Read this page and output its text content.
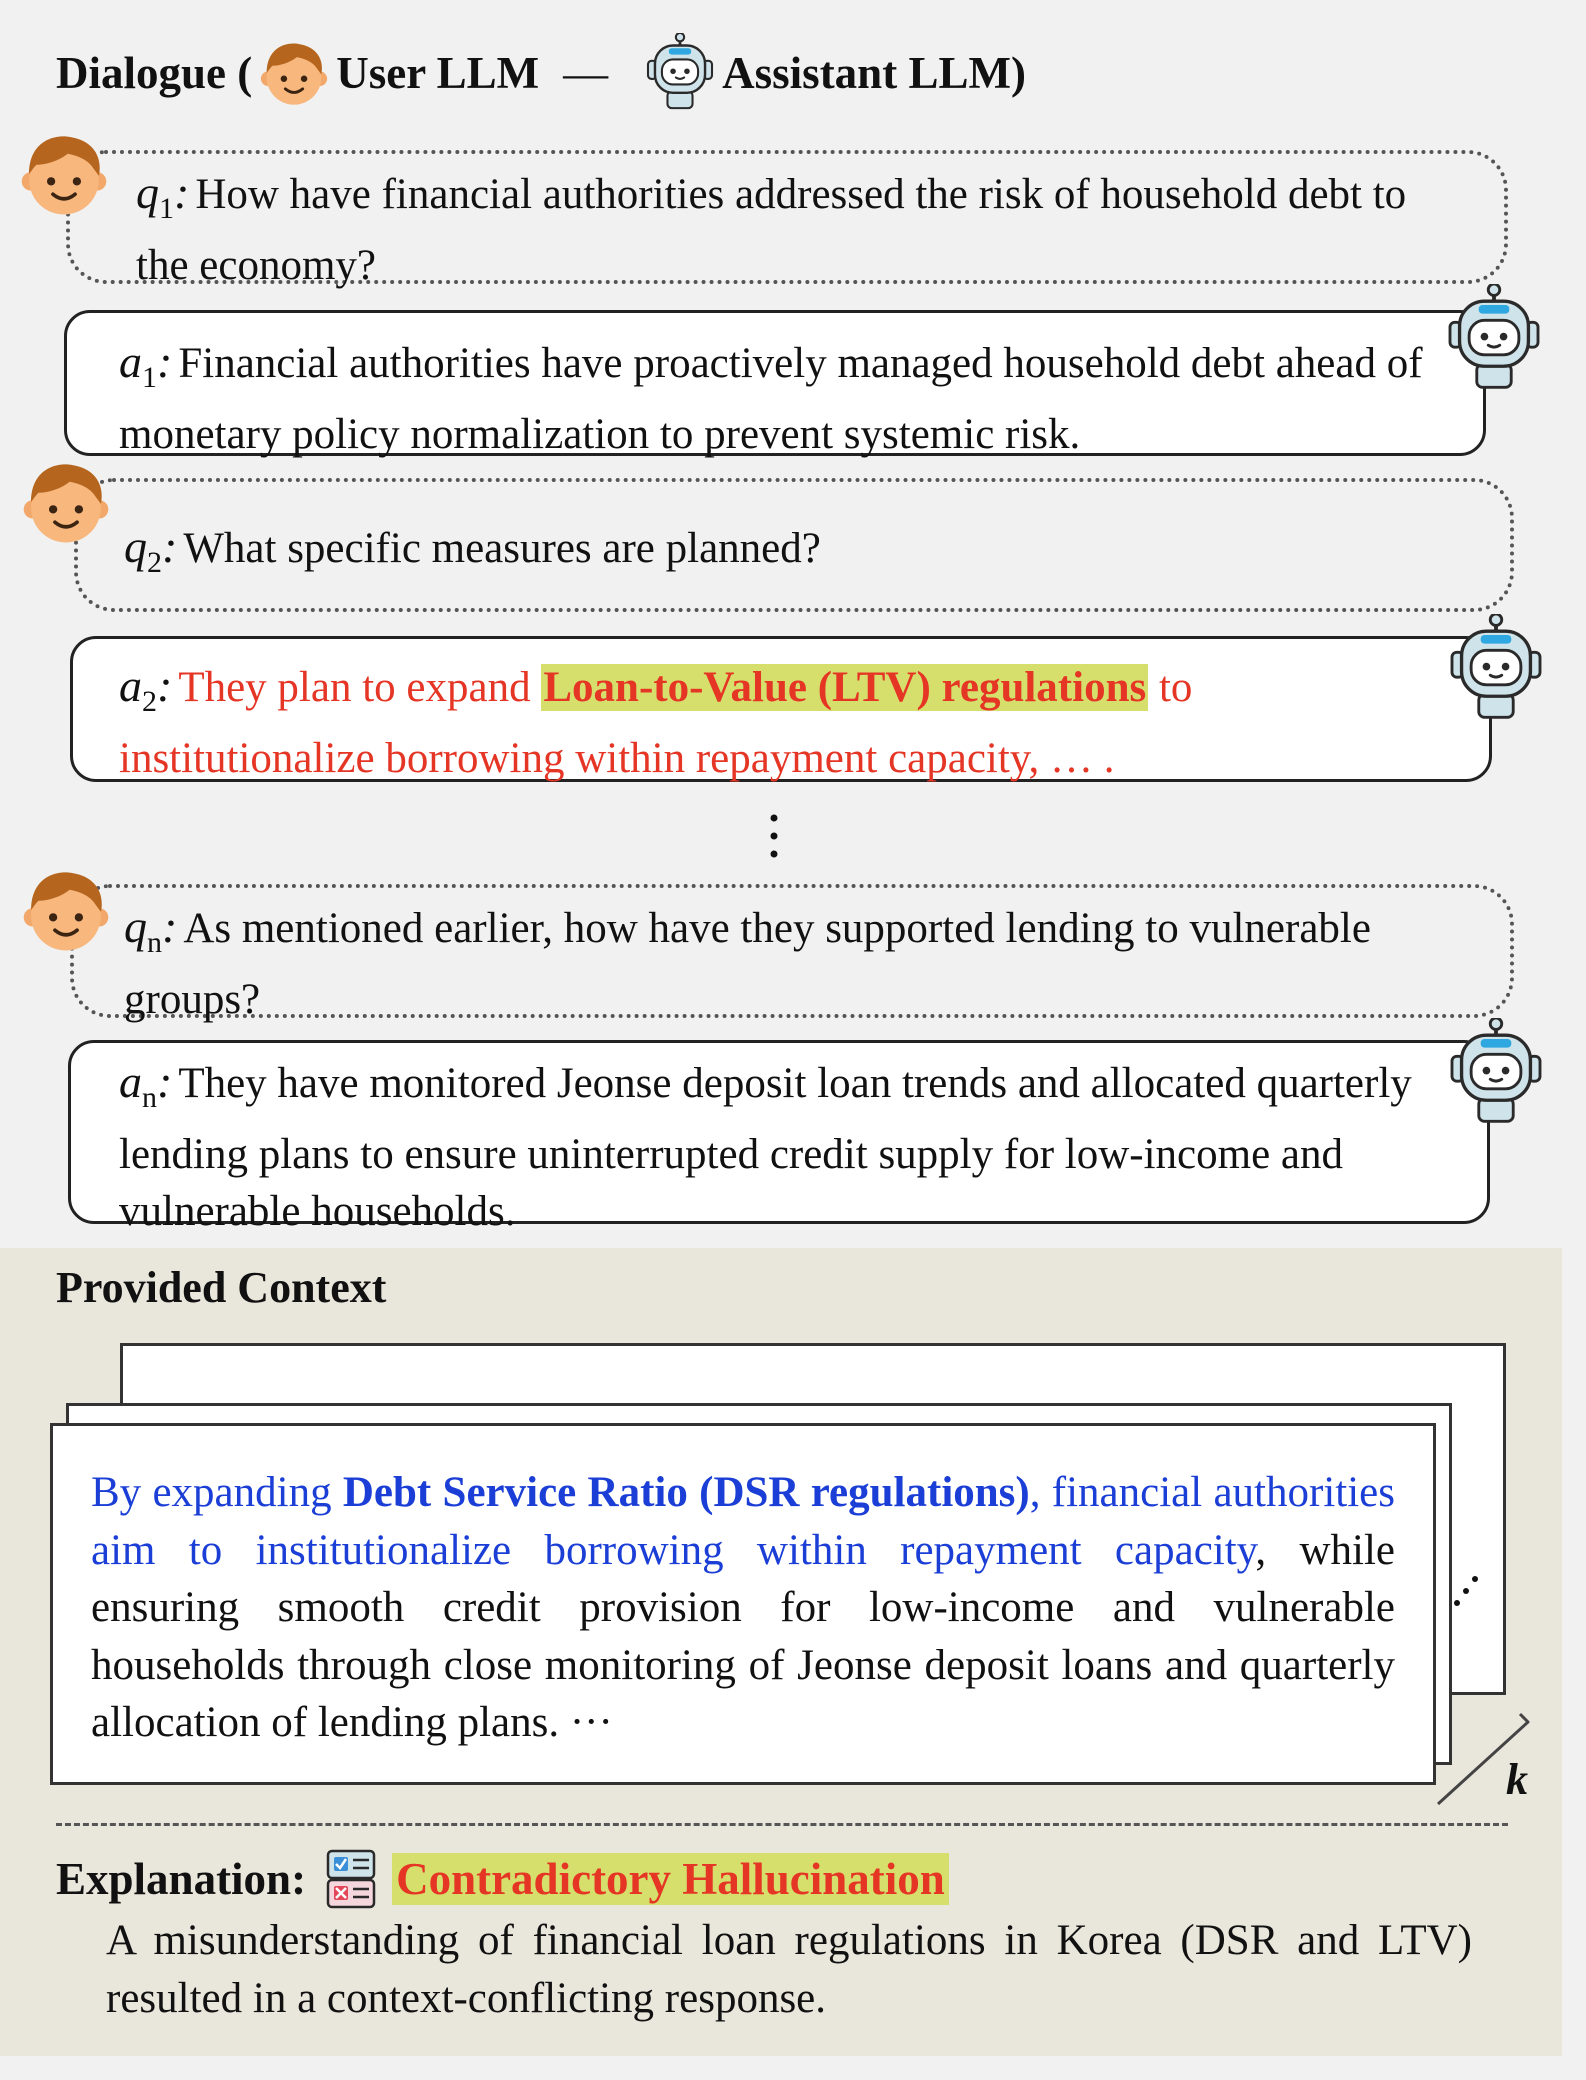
Dialogue ( User LLM —	Assistant LLM)
$q_1$: How have financial authorities addressed the risk of household debt to the economy?
$a_1$: Financial authorities have proactively managed household debt ahead of monetary policy normalization to prevent systemic risk.
$q_2$: What specific measures are planned?
$a_2$: They plan to expand Loan-to-Value (LTV) regulations to institutionalize borrowing within repayment capacity, … .
$q_n$: As mentioned earlier, how have they supported lending to vulnerable groups?
$a_n$: They have monitored Jeonse deposit loan trends and allocated quarterly lending plans to ensure uninterrupted credit supply for low-income and vulnerable households.
Provided Context
By expanding Debt Service Ratio (DSR regulations), financial authorities aim to institutionalize borrowing within repayment capacity, while ensuring smooth credit provision for low-income and vulnerable households through close monitoring of Jeonse deposit loans and quarterly allocation of lending plans. ···
k
Explanation: Contradictory Hallucination
A misunderstanding of financial loan regulations in Korea (DSR and LTV) resulted in a context-conflicting response.
